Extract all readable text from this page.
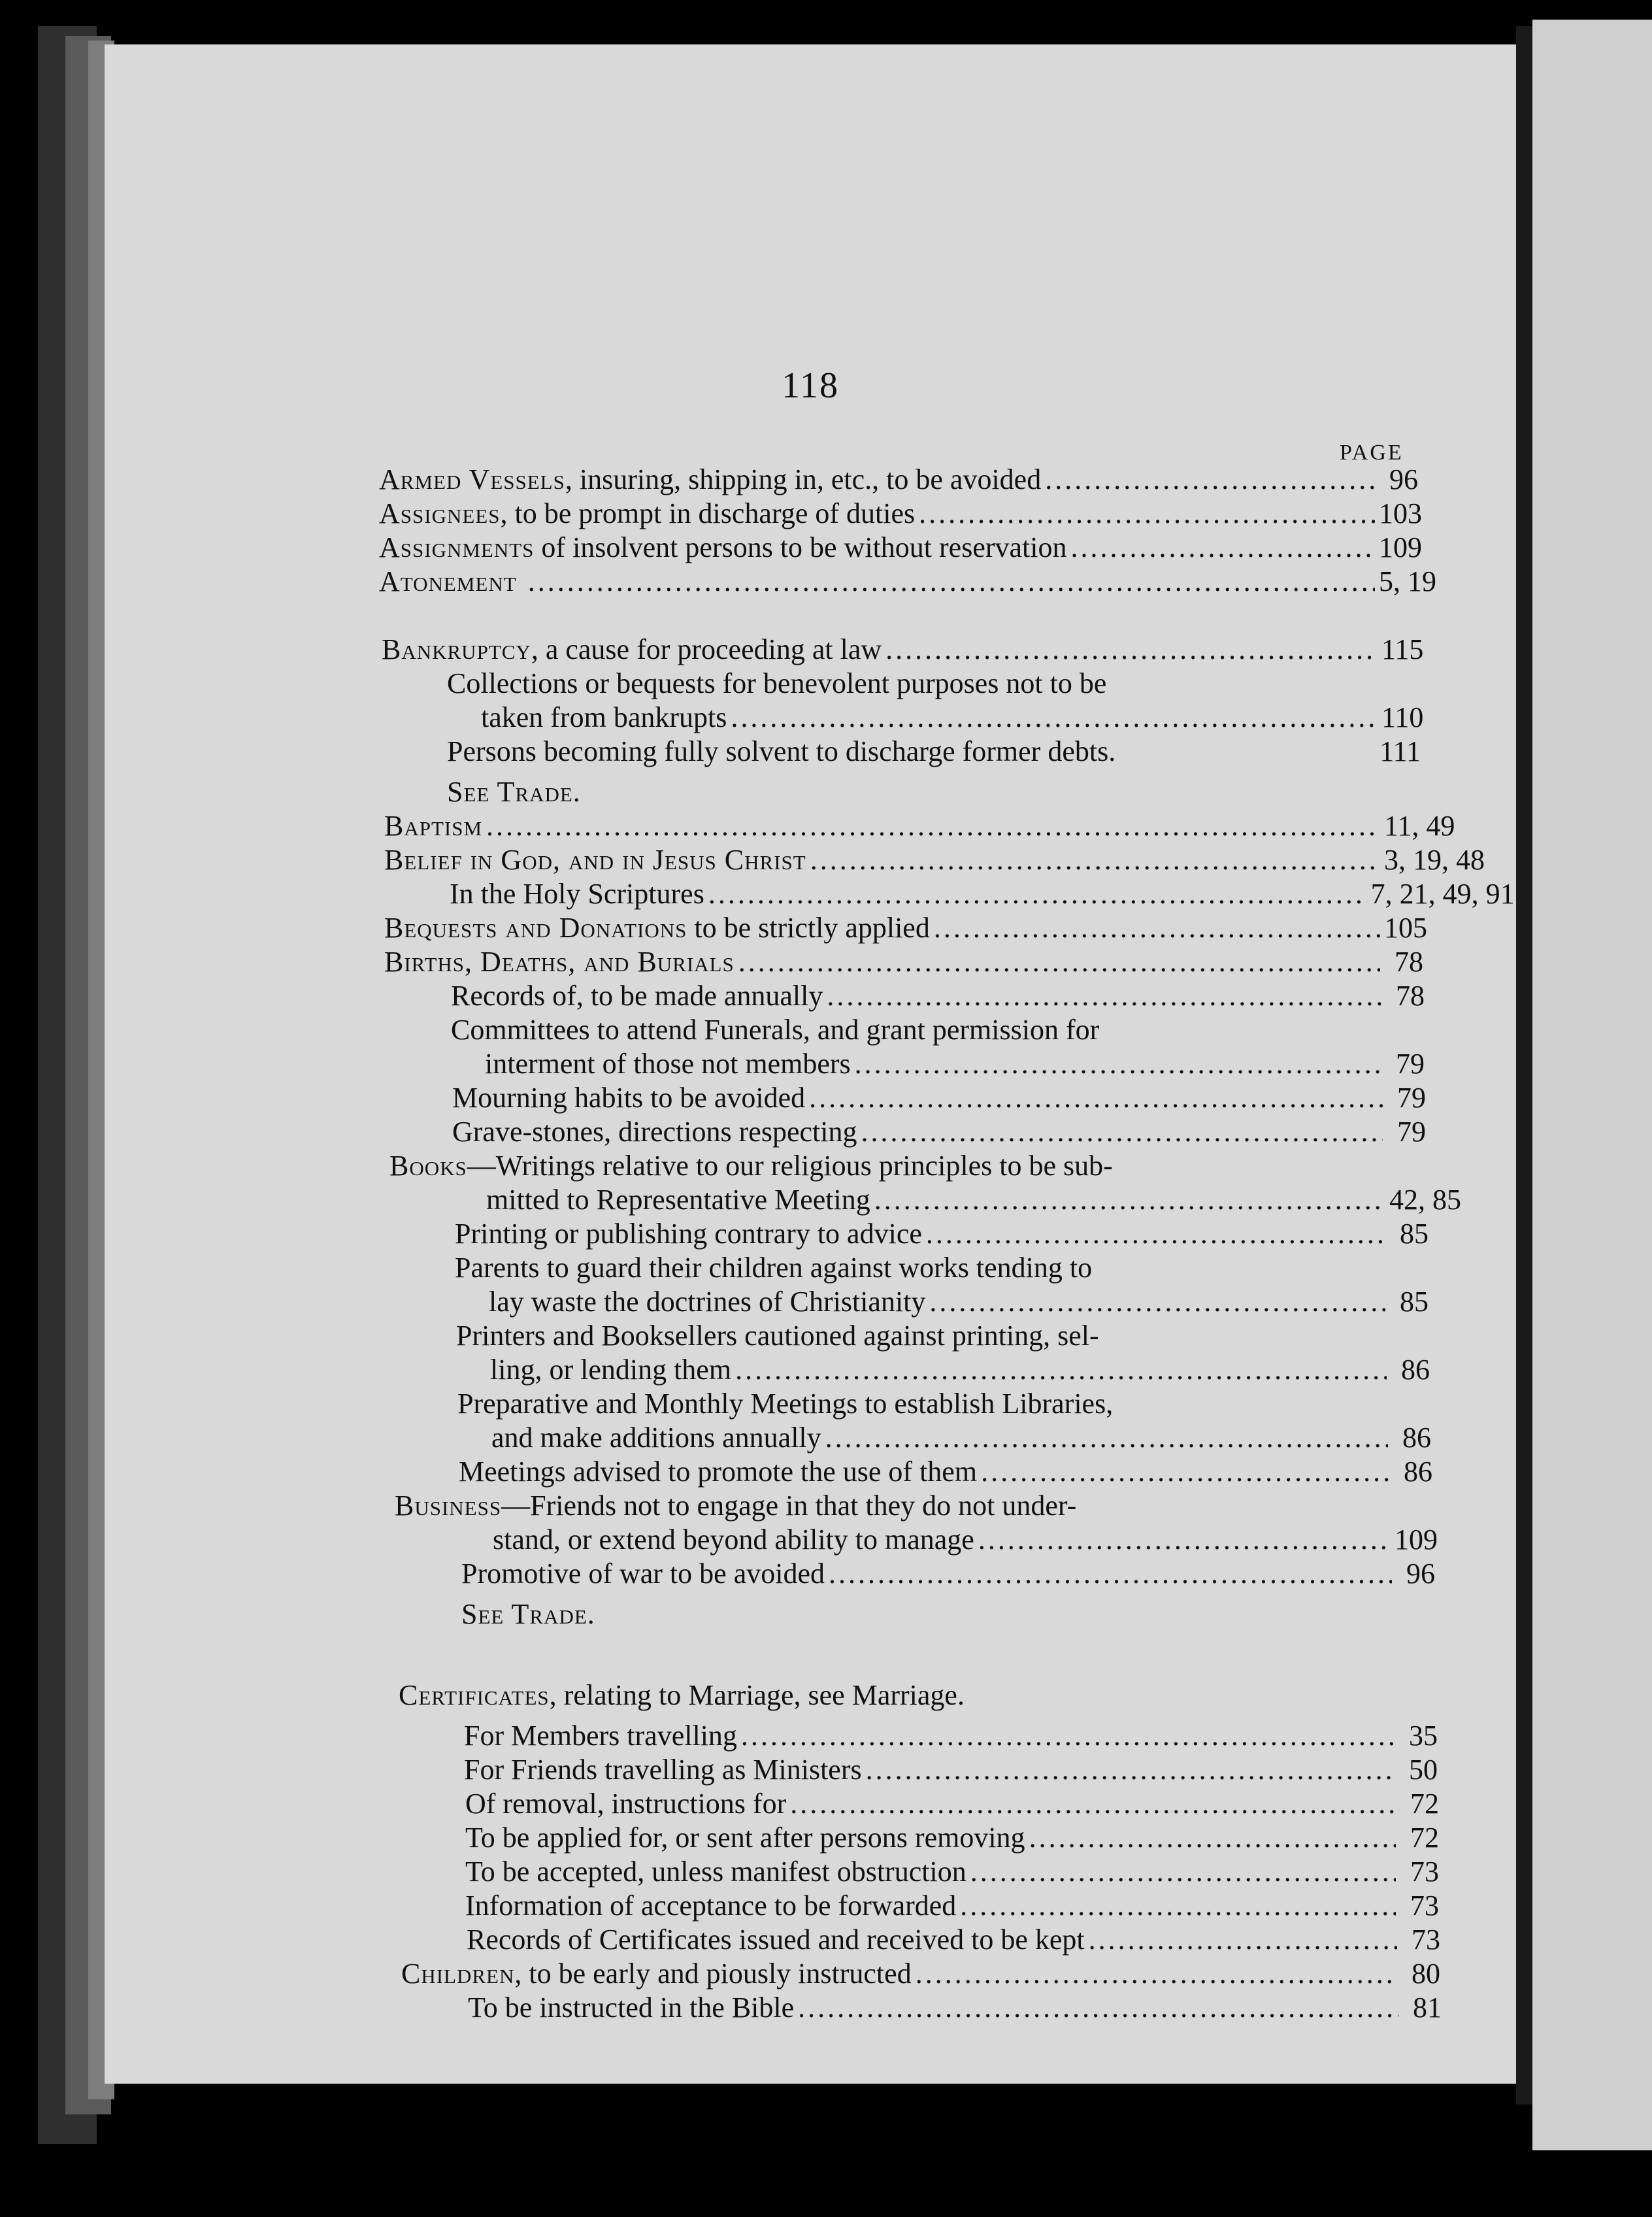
118
PAGE
Armed Vessels, insuring, shipping in, etc., to be avoided .....	96
Assignees, to be prompt in discharge of duties .....	103
Assignments of insolvent persons to be without reservation .....	109
Atonement .....	5, 19
Bankruptcy, a cause for proceeding at law .....	115
Collections or bequests for benevolent purposes not to be
taken from bankrupts .....	110
Persons becoming fully solvent to discharge former debts.	111
See Trade.
Baptism .....	11, 49
Belief in God, and in Jesus Christ .....	3, 19, 48
In the Holy Scriptures .....	7, 21, 49, 91
Bequests and Donations to be strictly applied .....	105
Births, Deaths, and Burials .....	78
Records of, to be made annually .....	78
Committees to attend Funerals, and grant permission for
interment of those not members .....	79
Mourning habits to be avoided .....	79
Grave-stones, directions respecting .....	79
Books—Writings relative to our religious principles to be sub-
mitted to Representative Meeting .....	42, 85
Printing or publishing contrary to advice .....	85
Parents to guard their children against works tending to
lay waste the doctrines of Christianity .....	85
Printers and Booksellers cautioned against printing, sel-
ling, or lending them .....	86
Preparative and Monthly Meetings to establish Libraries,
and make additions annually .....	86
Meetings advised to promote the use of them .....	86
Business—Friends not to engage in that they do not under-
stand, or extend beyond ability to manage .....	109
Promotive of war to be avoided .....	96
See Trade.
Certificates, relating to Marriage, see Marriage.
For Members travelling .....	35
For Friends travelling as Ministers .....	50
Of removal, instructions for .....	72
To be applied for, or sent after persons removing .....	72
To be accepted, unless manifest obstruction .....	73
Information of acceptance to be forwarded .....	73
Records of Certificates issued and received to be kept .....	73
Children, to be early and piously instructed .....	80
To be instructed in the Bible .....	81
